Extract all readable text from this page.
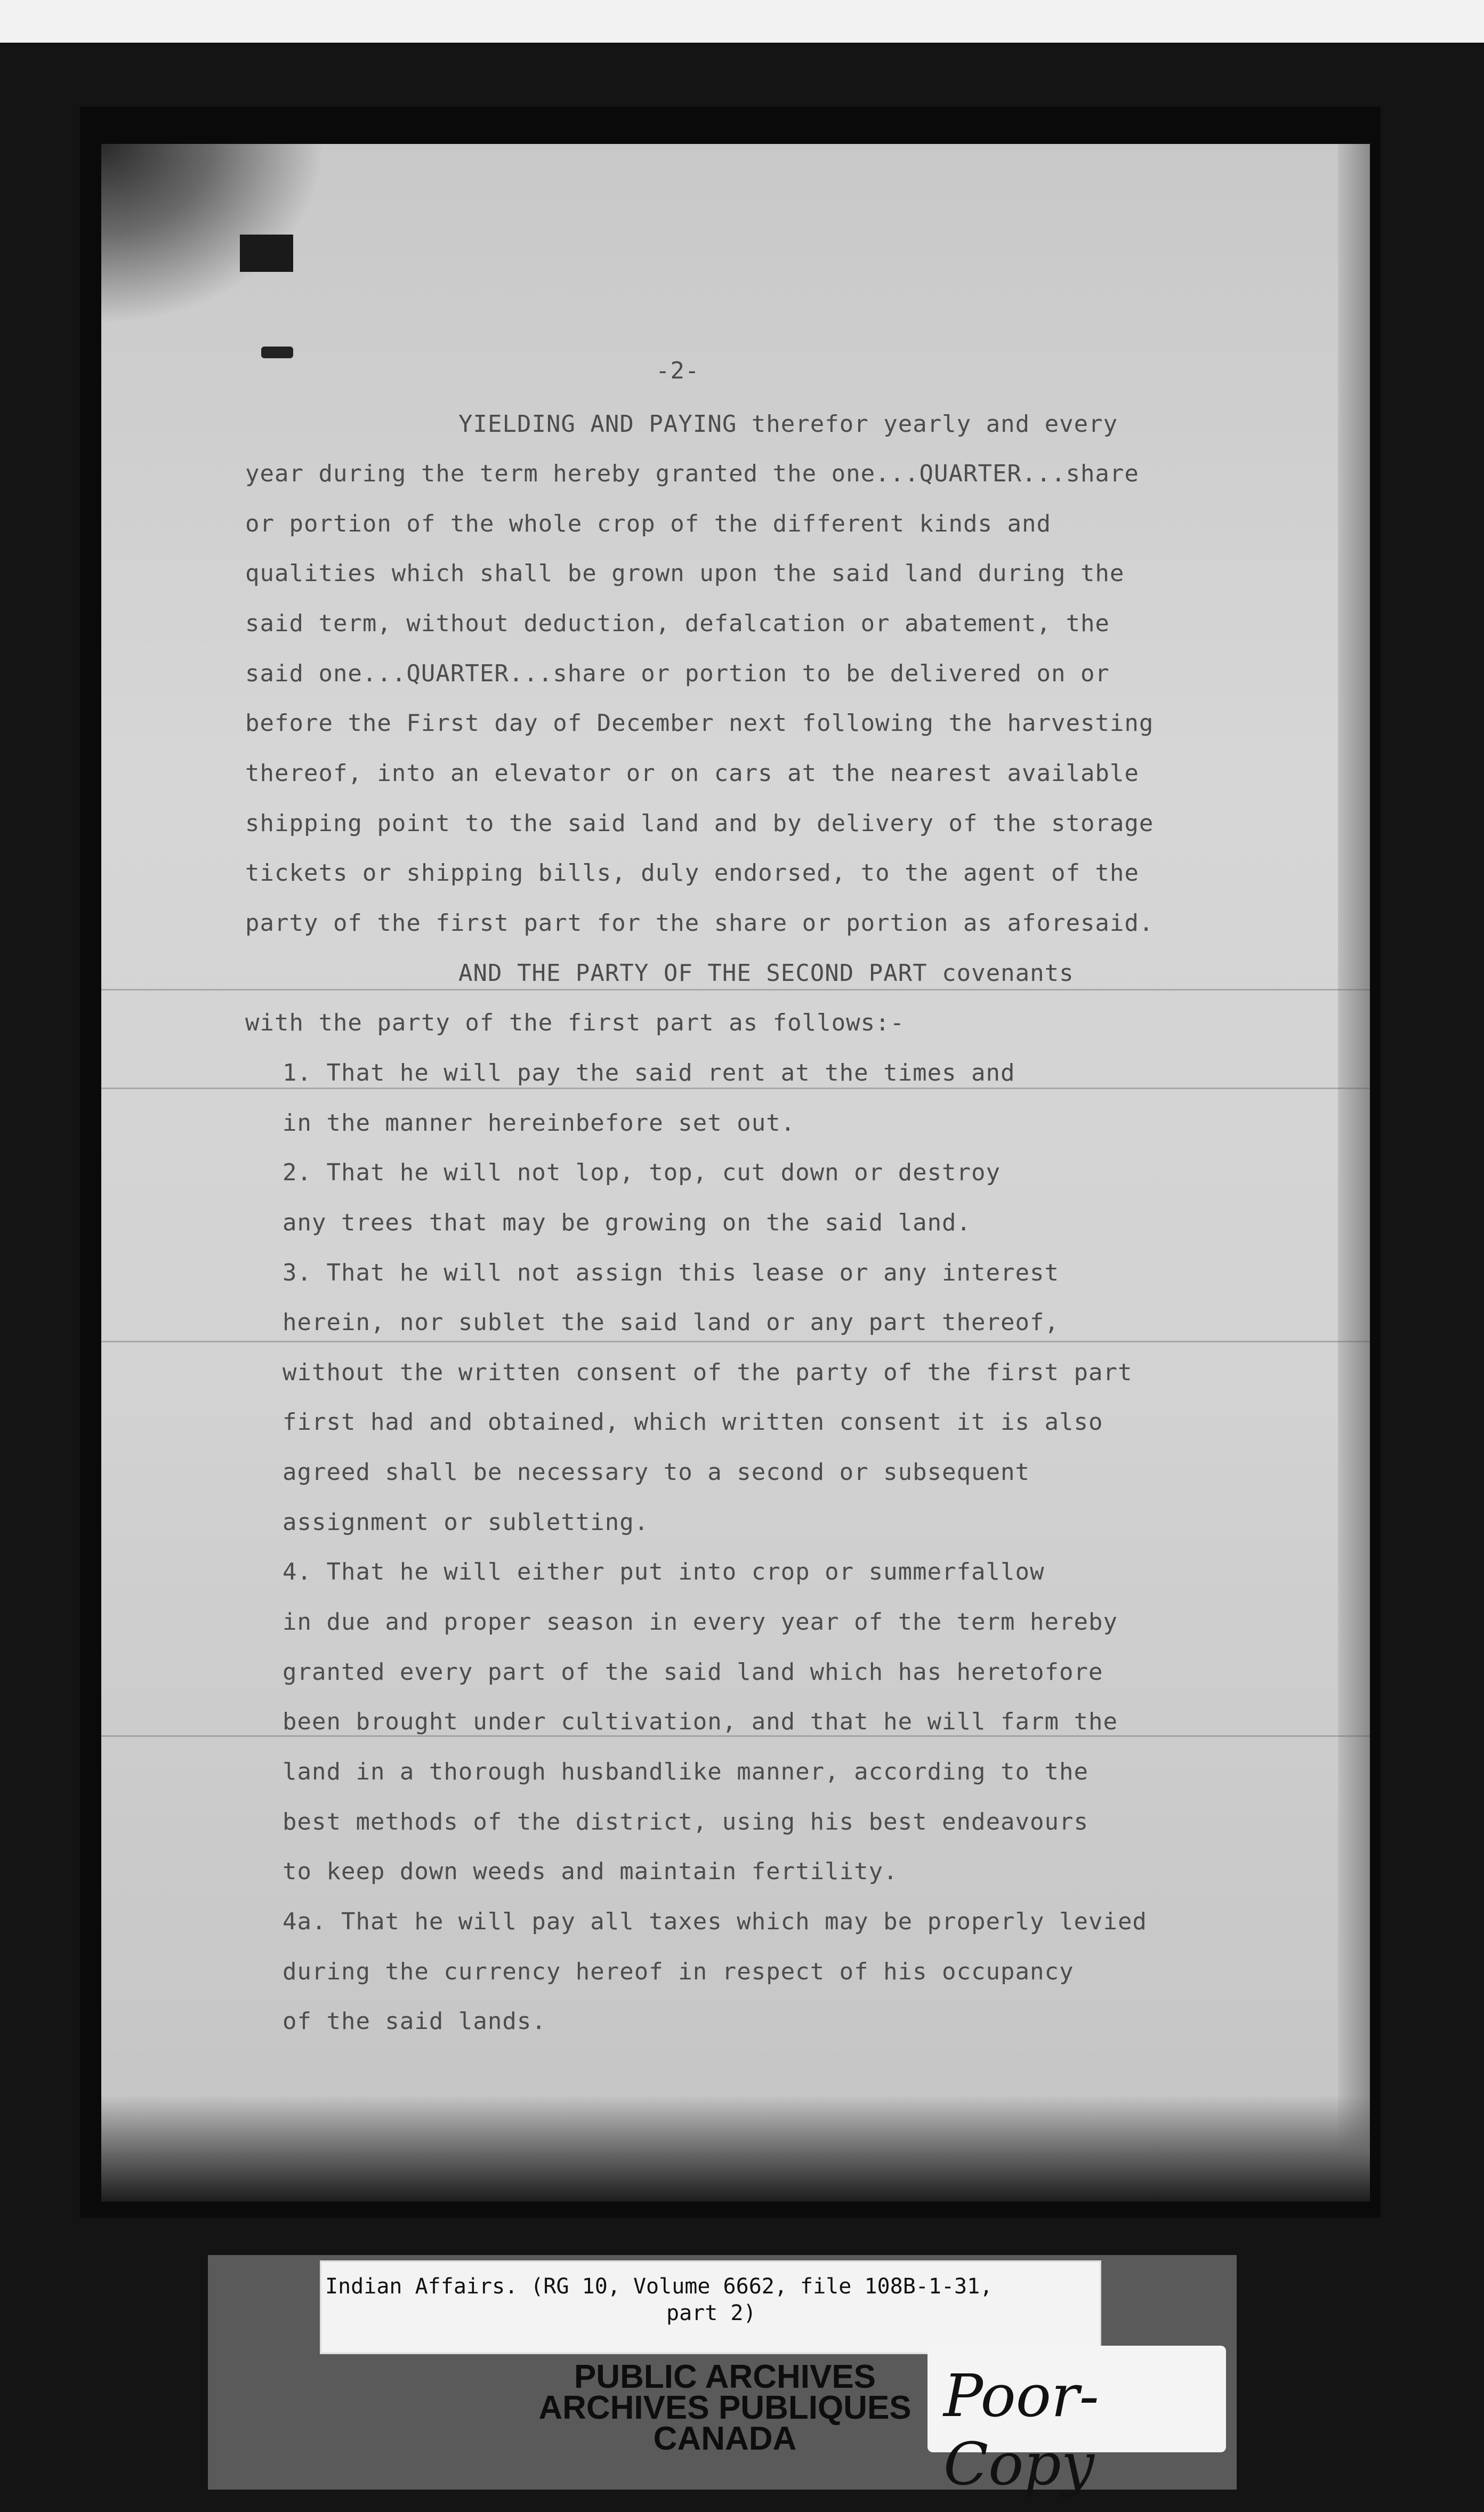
-2-
YIELDING AND PAYING therefor yearly and every
year during the term hereby granted the one...QUARTER...share
or portion of the whole crop of the different kinds and
qualities which shall be grown upon the said land during the
said term, without deduction, defalcation or abatement, the
said one...QUARTER...share or portion to be delivered on or
before the First day of December next following the harvesting
thereof, into an elevator or on cars at the nearest available
shipping point to the said land and by delivery of the storage
tickets or shipping bills, duly endorsed, to the agent of the
party of the first part for the share or portion as aforesaid.
AND THE PARTY OF THE SECOND PART covenants
with the party of the first part as follows:-
1. That he will pay the said rent at the times and
in the manner hereinbefore set out.
2. That he will not lop, top, cut down or destroy
any trees that may be growing on the said land.
3. That he will not assign this lease or any interest
herein, nor sublet the said land or any part thereof,
without the written consent of the party of the first part
first had and obtained, which written consent it is also
agreed shall be necessary to a second or subsequent
assignment or subletting.
4. That he will either put into crop or summerfallow
in due and proper season in every year of the term hereby
granted every part of the said land which has heretofore
been brought under cultivation, and that he will farm the
land in a thorough husbandlike manner, according to the
best methods of the district, using his best endeavours
to keep down weeds and maintain fertility.
4a. That he will pay all taxes which may be properly levied
during the currency hereof in respect of his occupancy
of the said lands.
Indian Affairs. (RG 10, Volume 6662, file 108B-1-31,
part 2)
PUBLIC ARCHIVES
ARCHIVES PUBLIQUES
CANADA
Poor-Copy
